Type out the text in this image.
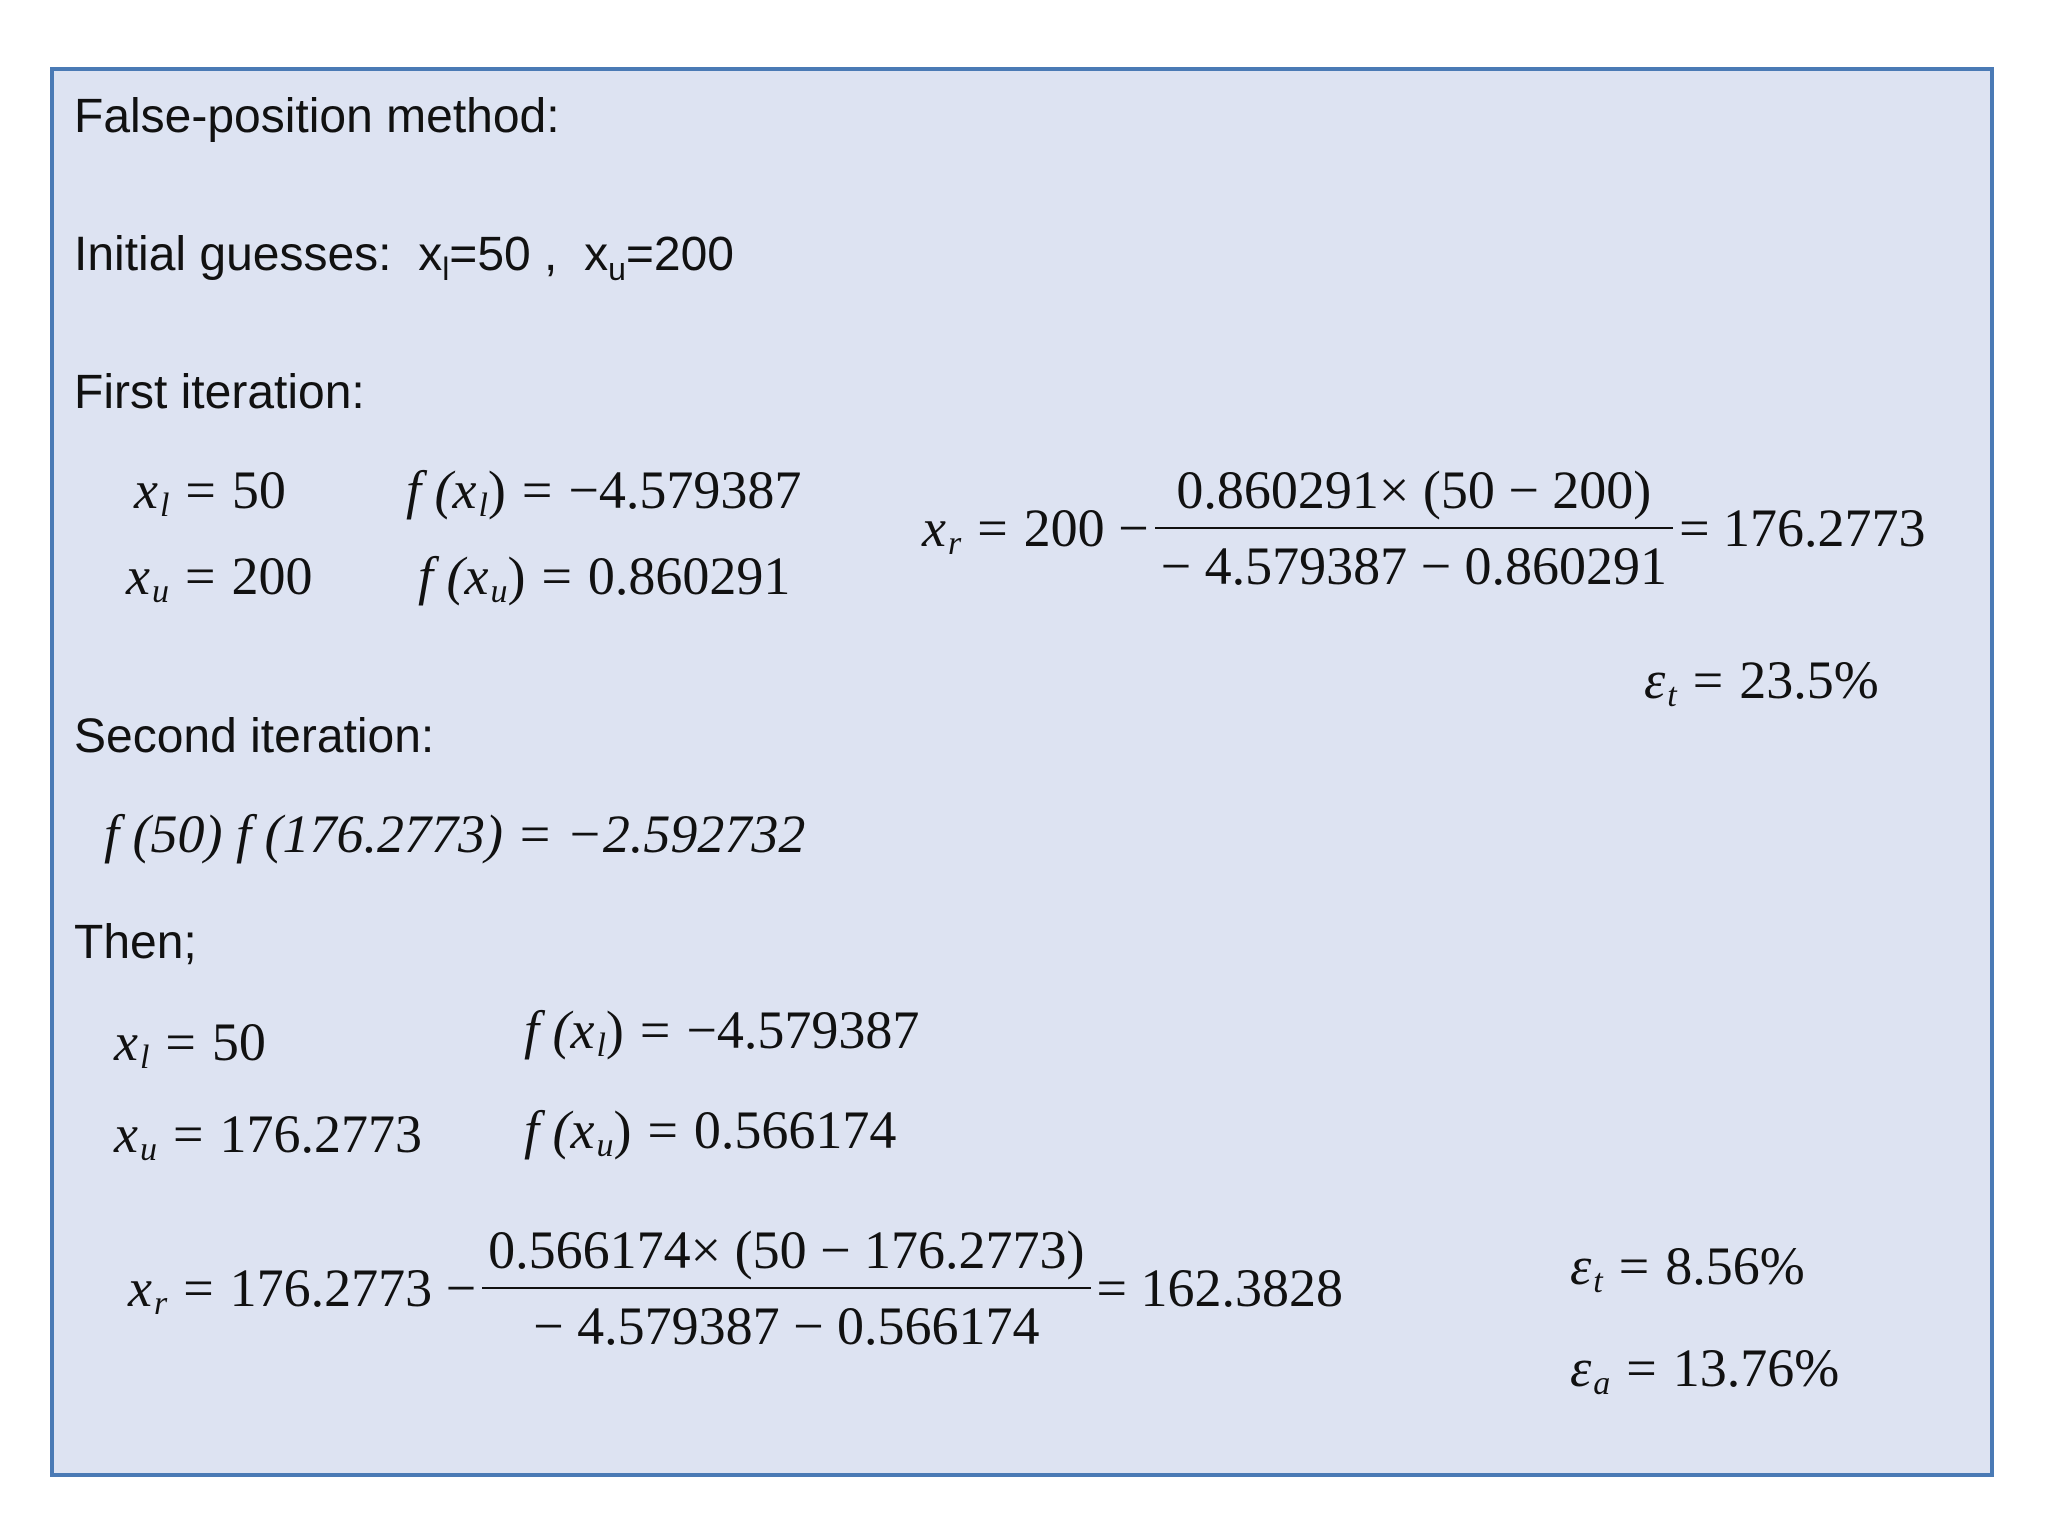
False-position method:
Initial guesses: $x_l=50$ , $x_u=200$
First iteration:
x l = 50
x u = 200
f (x l ) = −4.579387
f (x u ) = 0.860291
x $r = 200 - \frac{0.860291\times (50 - 200)}{- 4.579387 - 0.860291} = 176.2773$
ε t = 23.5%
Second iteration:
f (50) f (176.2773) = −2.592732
Then;
x l = 50
x u = 176.2773
f (x l ) = −4.579387
f (x u ) = 0.566174
x $r = 176.2773 - \frac{0.566174\times (50 - 176.2773)}{- 4.579387 - 0.566174} = 162.3828$	ε t = 8.56%
ε a = 13.76%
